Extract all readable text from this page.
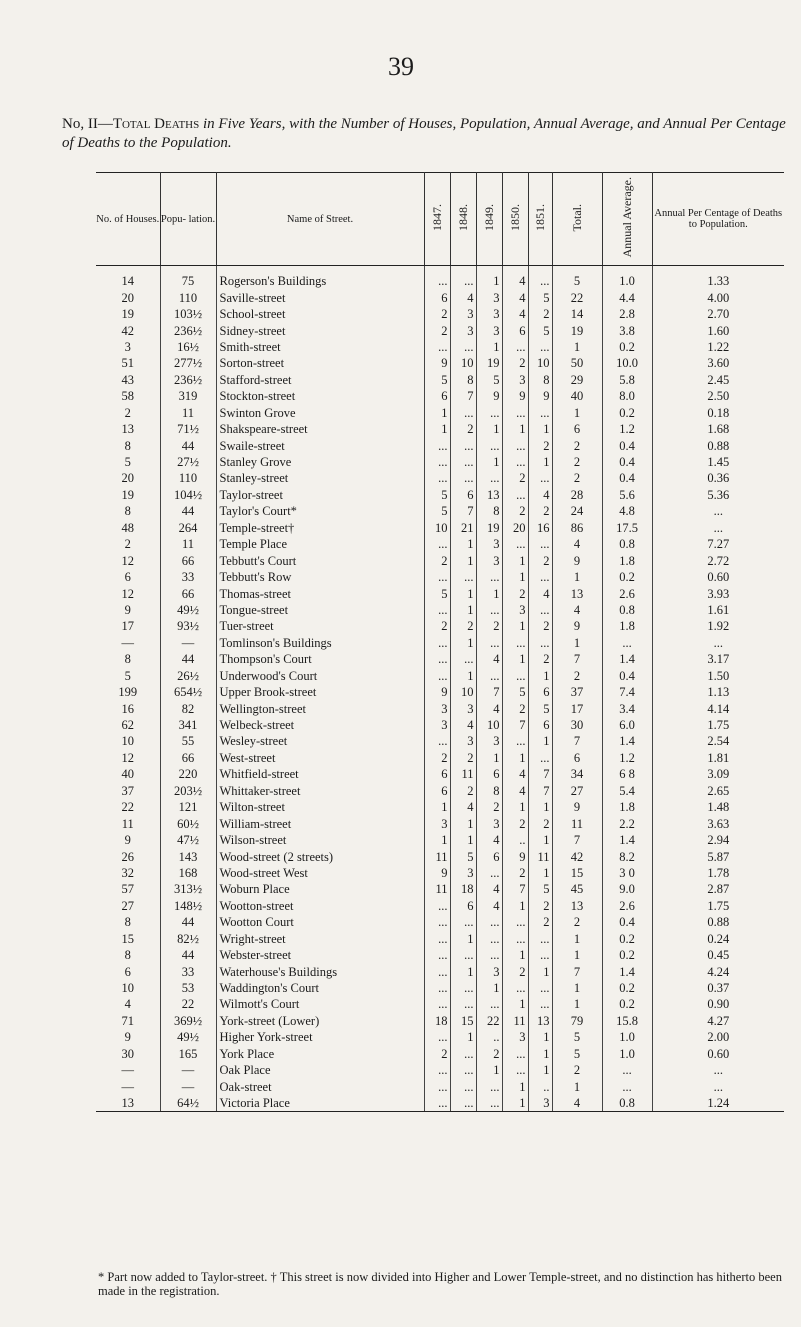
39
No, II—Total Deaths in Five Years, with the Number of Houses, Population, Annual Average, and Annual Per Centage of Deaths to the Population.
No. of Houses.	Popu- lation.	Name of Street.	1847.	1848.	1849.	1850.	1851.	Total.	Annual Average.	Annual Per Centage of Deaths to Population.

14	75	Rogerson's Buildings	...	...	1	4	...	5	1.0	1.33
20	110	Saville-street	6	4	3	4	5	22	4.4	4.00
19	103½	School-street	2	3	3	4	2	14	2.8	2.70
42	236½	Sidney-street	2	3	3	6	5	19	3.8	1.60
3	16½	Smith-street	...	...	1	...	...	1	0.2	1.22
51	277½	Sorton-street	9	10	19	2	10	50	10.0	3.60
43	236½	Stafford-street	5	8	5	3	8	29	5.8	2.45
58	319	Stockton-street	6	7	9	9	9	40	8.0	2.50
2	11	Swinton Grove	1	...	...	...	...	1	0.2	0.18
13	71½	Shakspeare-street	1	2	1	1	1	6	1.2	1.68
8	44	Swaile-street	...	...	...	...	2	2	0.4	0.88
5	27½	Stanley Grove	...	...	1	...	1	2	0.4	1.45
20	110	Stanley-street	...	...	...	2	...	2	0.4	0.36
19	104½	Taylor-street	5	6	13	...	4	28	5.6	5.36
8	44	Taylor's Court*	5	7	8	2	2	24	4.8	...
48	264	Temple-street†	10	21	19	20	16	86	17.5	...
2	11	Temple Place	...	1	3	...	...	4	0.8	7.27
12	66	Tebbutt's Court	2	1	3	1	2	9	1.8	2.72
6	33	Tebbutt's Row	...	...	...	1	...	1	0.2	0.60
12	66	Thomas-street	5	1	1	2	4	13	2.6	3.93
9	49½	Tongue-street	...	1	...	3	...	4	0.8	1.61
17	93½	Tuer-street	2	2	2	1	2	9	1.8	1.92
—	—	Tomlinson's Buildings	...	1	...	...	...	1	...	...
8	44	Thompson's Court	...	...	4	1	2	7	1.4	3.17
5	26½	Underwood's Court	...	1	...	...	1	2	0.4	1.50
199	654½	Upper Brook-street	9	10	7	5	6	37	7.4	1.13
16	82	Wellington-street	3	3	4	2	5	17	3.4	4.14
62	341	Welbeck-street	3	4	10	7	6	30	6.0	1.75
10	55	Wesley-street	...	3	3	...	1	7	1.4	2.54
12	66	West-street	2	2	1	1	...	6	1.2	1.81
40	220	Whitfield-street	6	11	6	4	7	34	6 8	3.09
37	203½	Whittaker-street	6	2	8	4	7	27	5.4	2.65
22	121	Wilton-street	1	4	2	1	1	9	1.8	1.48
11	60½	William-street	3	1	3	2	2	11	2.2	3.63
9	47½	Wilson-street	1	1	4	..	1	7	1.4	2.94
26	143	Wood-street (2 streets)	11	5	6	9	11	42	8.2	5.87
32	168	Wood-street West	9	3	...	2	1	15	3 0	1.78
57	313½	Woburn Place	11	18	4	7	5	45	9.0	2.87
27	148½	Wootton-street	...	6	4	1	2	13	2.6	1.75
8	44	Wootton Court	...	...	...	...	2	2	0.4	0.88
15	82½	Wright-street	...	1	...	...	...	1	0.2	0.24
8	44	Webster-street	...	...	...	1	...	1	0.2	0.45
6	33	Waterhouse's Buildings	...	1	3	2	1	7	1.4	4.24
10	53	Waddington's Court	...	...	1	...	...	1	0.2	0.37
4	22	Wilmott's Court	...	...	...	1	...	1	0.2	0.90
71	369½	York-street (Lower)	18	15	22	11	13	79	15.8	4.27
9	49½	Higher York-street	...	1	..	3	1	5	1.0	2.00
30	165	York Place	2	...	2	...	1	5	1.0	0.60
—	—	Oak Place	...	...	1	...	1	2	...	...
—	—	Oak-street	...	...	...	1	..	1	...	...
13	64½	Victoria Place	...	...	...	1	3	4	0.8	1.24
* Part now added to Taylor-street. † This street is now divided into Higher and Lower Temple-street, and no distinction has hitherto been made in the registration.
